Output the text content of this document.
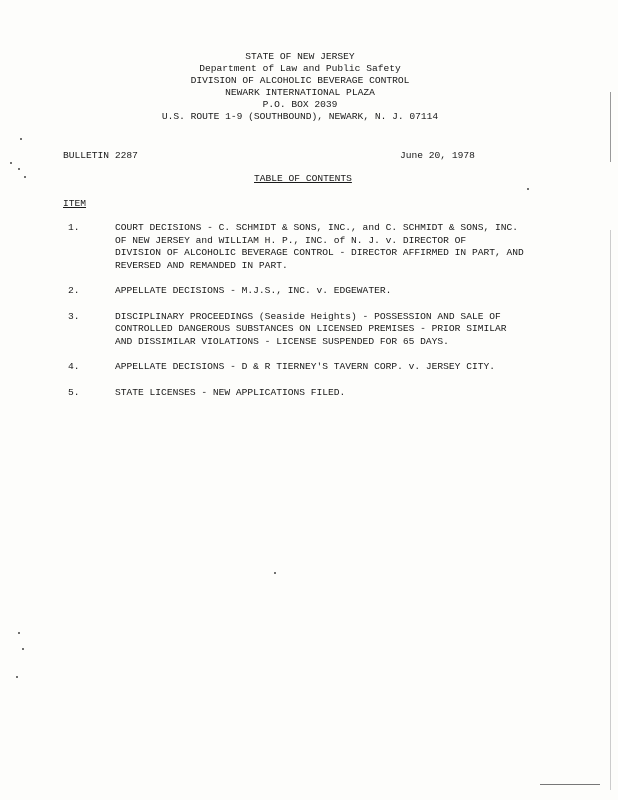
STATE OF NEW JERSEY
Department of Law and Public Safety
DIVISION OF ALCOHOLIC BEVERAGE CONTROL
NEWARK INTERNATIONAL PLAZA
P.O. BOX 2039
U.S. ROUTE 1-9 (SOUTHBOUND), NEWARK, N. J. 07114
BULLETIN 2287	June 20, 1978
TABLE OF CONTENTS
ITEM
1.	COURT DECISIONS - C. SCHMIDT & SONS, INC., and C. SCHMIDT & SONS, INC.
OF NEW JERSEY and WILLIAM H. P., INC. of N. J. v. DIRECTOR OF
DIVISION OF ALCOHOLIC BEVERAGE CONTROL - DIRECTOR AFFIRMED IN PART, AND
REVERSED AND REMANDED IN PART.
2.	APPELLATE DECISIONS - M.J.S., INC. v. EDGEWATER.
3.	DISCIPLINARY PROCEEDINGS (Seaside Heights) - POSSESSION AND SALE OF
CONTROLLED DANGEROUS SUBSTANCES ON LICENSED PREMISES - PRIOR SIMILAR
AND DISSIMILAR VIOLATIONS - LICENSE SUSPENDED FOR 65 DAYS.
4.	APPELLATE DECISIONS - D & R TIERNEY'S TAVERN CORP. v. JERSEY CITY.
5.	STATE LICENSES - NEW APPLICATIONS FILED.
